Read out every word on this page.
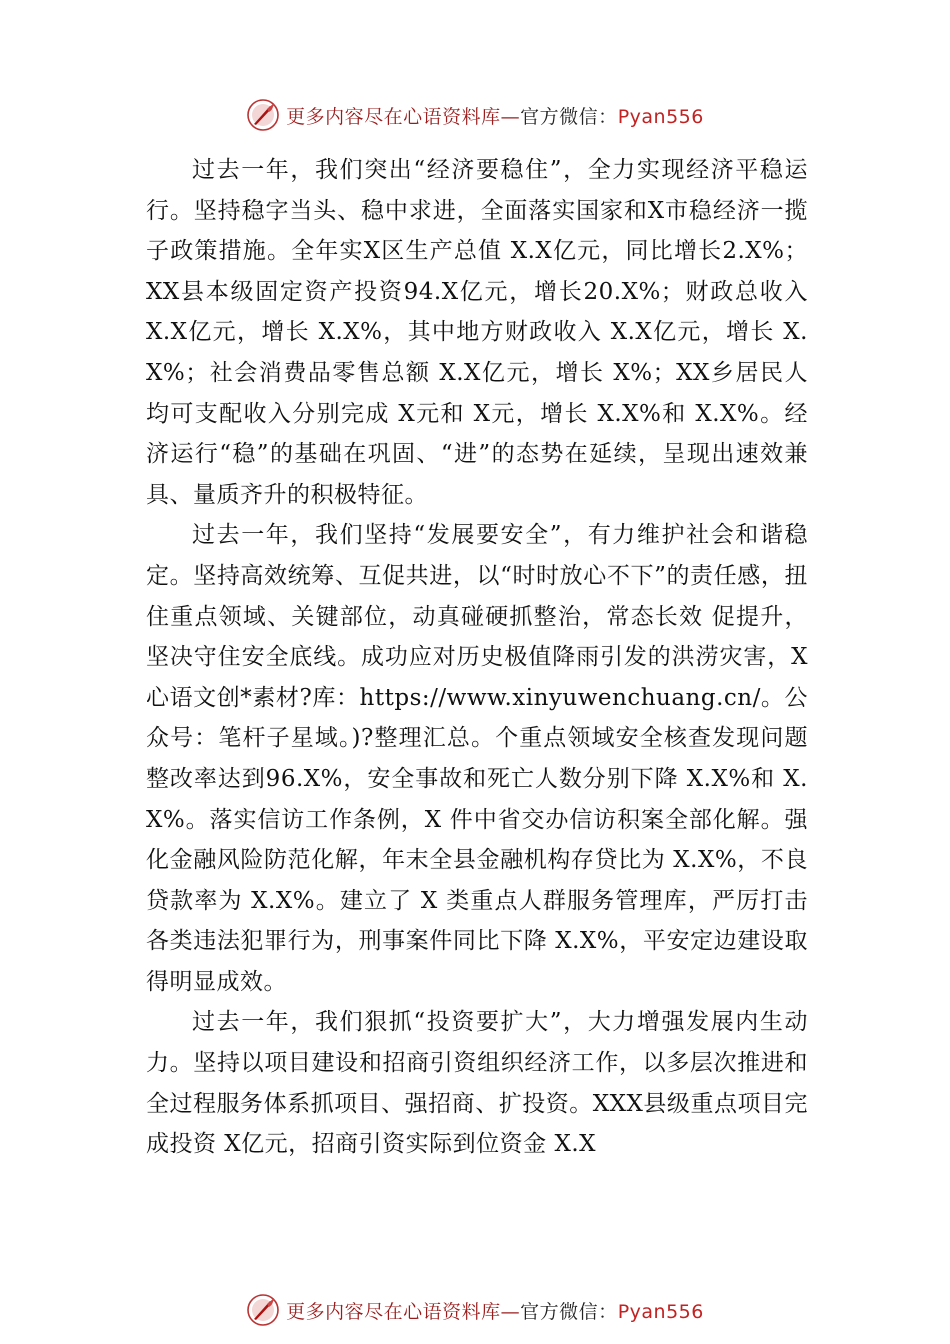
更多内容尽在心语资料库—官方微信：Pyan556

过去一年，我们突出“经济要稳住”，全力实现经济平稳运行。坚持稳字当头、稳中求进，全面落实国家和X市稳经济一揽子政策措施。全年实X区生产总值 X.X亿元，同比增长2.X%；XX县本级固定资产投资94.X亿元，增长20.X%；财政总收入 X.X亿元，增长 X.X%，其中地方财政收入 X.X亿元，增长 X.X%；社会消费品零售总额 X.X亿元，增长 X%；XX乡居民人均可支配收入分别完成 X元和 X元，增长 X.X%和 X.X%。经济运行“稳”的基础在巩固、“进”的态势在延续，呈现出速效兼具、量质齐升的积极特征。

过去一年，我们坚持“发展要安全”，有力维护社会和谐稳定。坚持高效统筹、互促共进，以“时时放心不下”的责任感，扭住重点领域、关键部位，动真碰硬抓整治，常态长效 促提升，坚决守住安全底线。成功应对历史极值降雨引发的洪涝灾害，X 心语文创*素材?库：https://www.xinyuwenchuang.cn/。公众号：笔杆子星域。)?整理汇总。个重点领域安全核查发现问题整改率达到96.X%，安全事故和死亡人数分别下降 X.X%和 X.X%。落实信访工作条例，X 件中省交办信访积案全部化解。强化金融风险防范化解，年末全县金融机构存贷比为 X.X%，不良贷款率为 X.X%。建立了 X 类重点人群服务管理库，严厉打击各类违法犯罪行为，刑事案件同比下降 X.X%，平安定边建设取得明显成效。

过去一年，我们狠抓“投资要扩大”，大力增强发展内生动力。坚持以项目建设和招商引资组织经济工作，以多层次推进和全过程服务体系抓项目、强招商、扩投资。XXX县级重点项目完成投资 X亿元，招商引资实际到位资金 X.X

更多内容尽在心语资料库—官方微信：Pyan556
